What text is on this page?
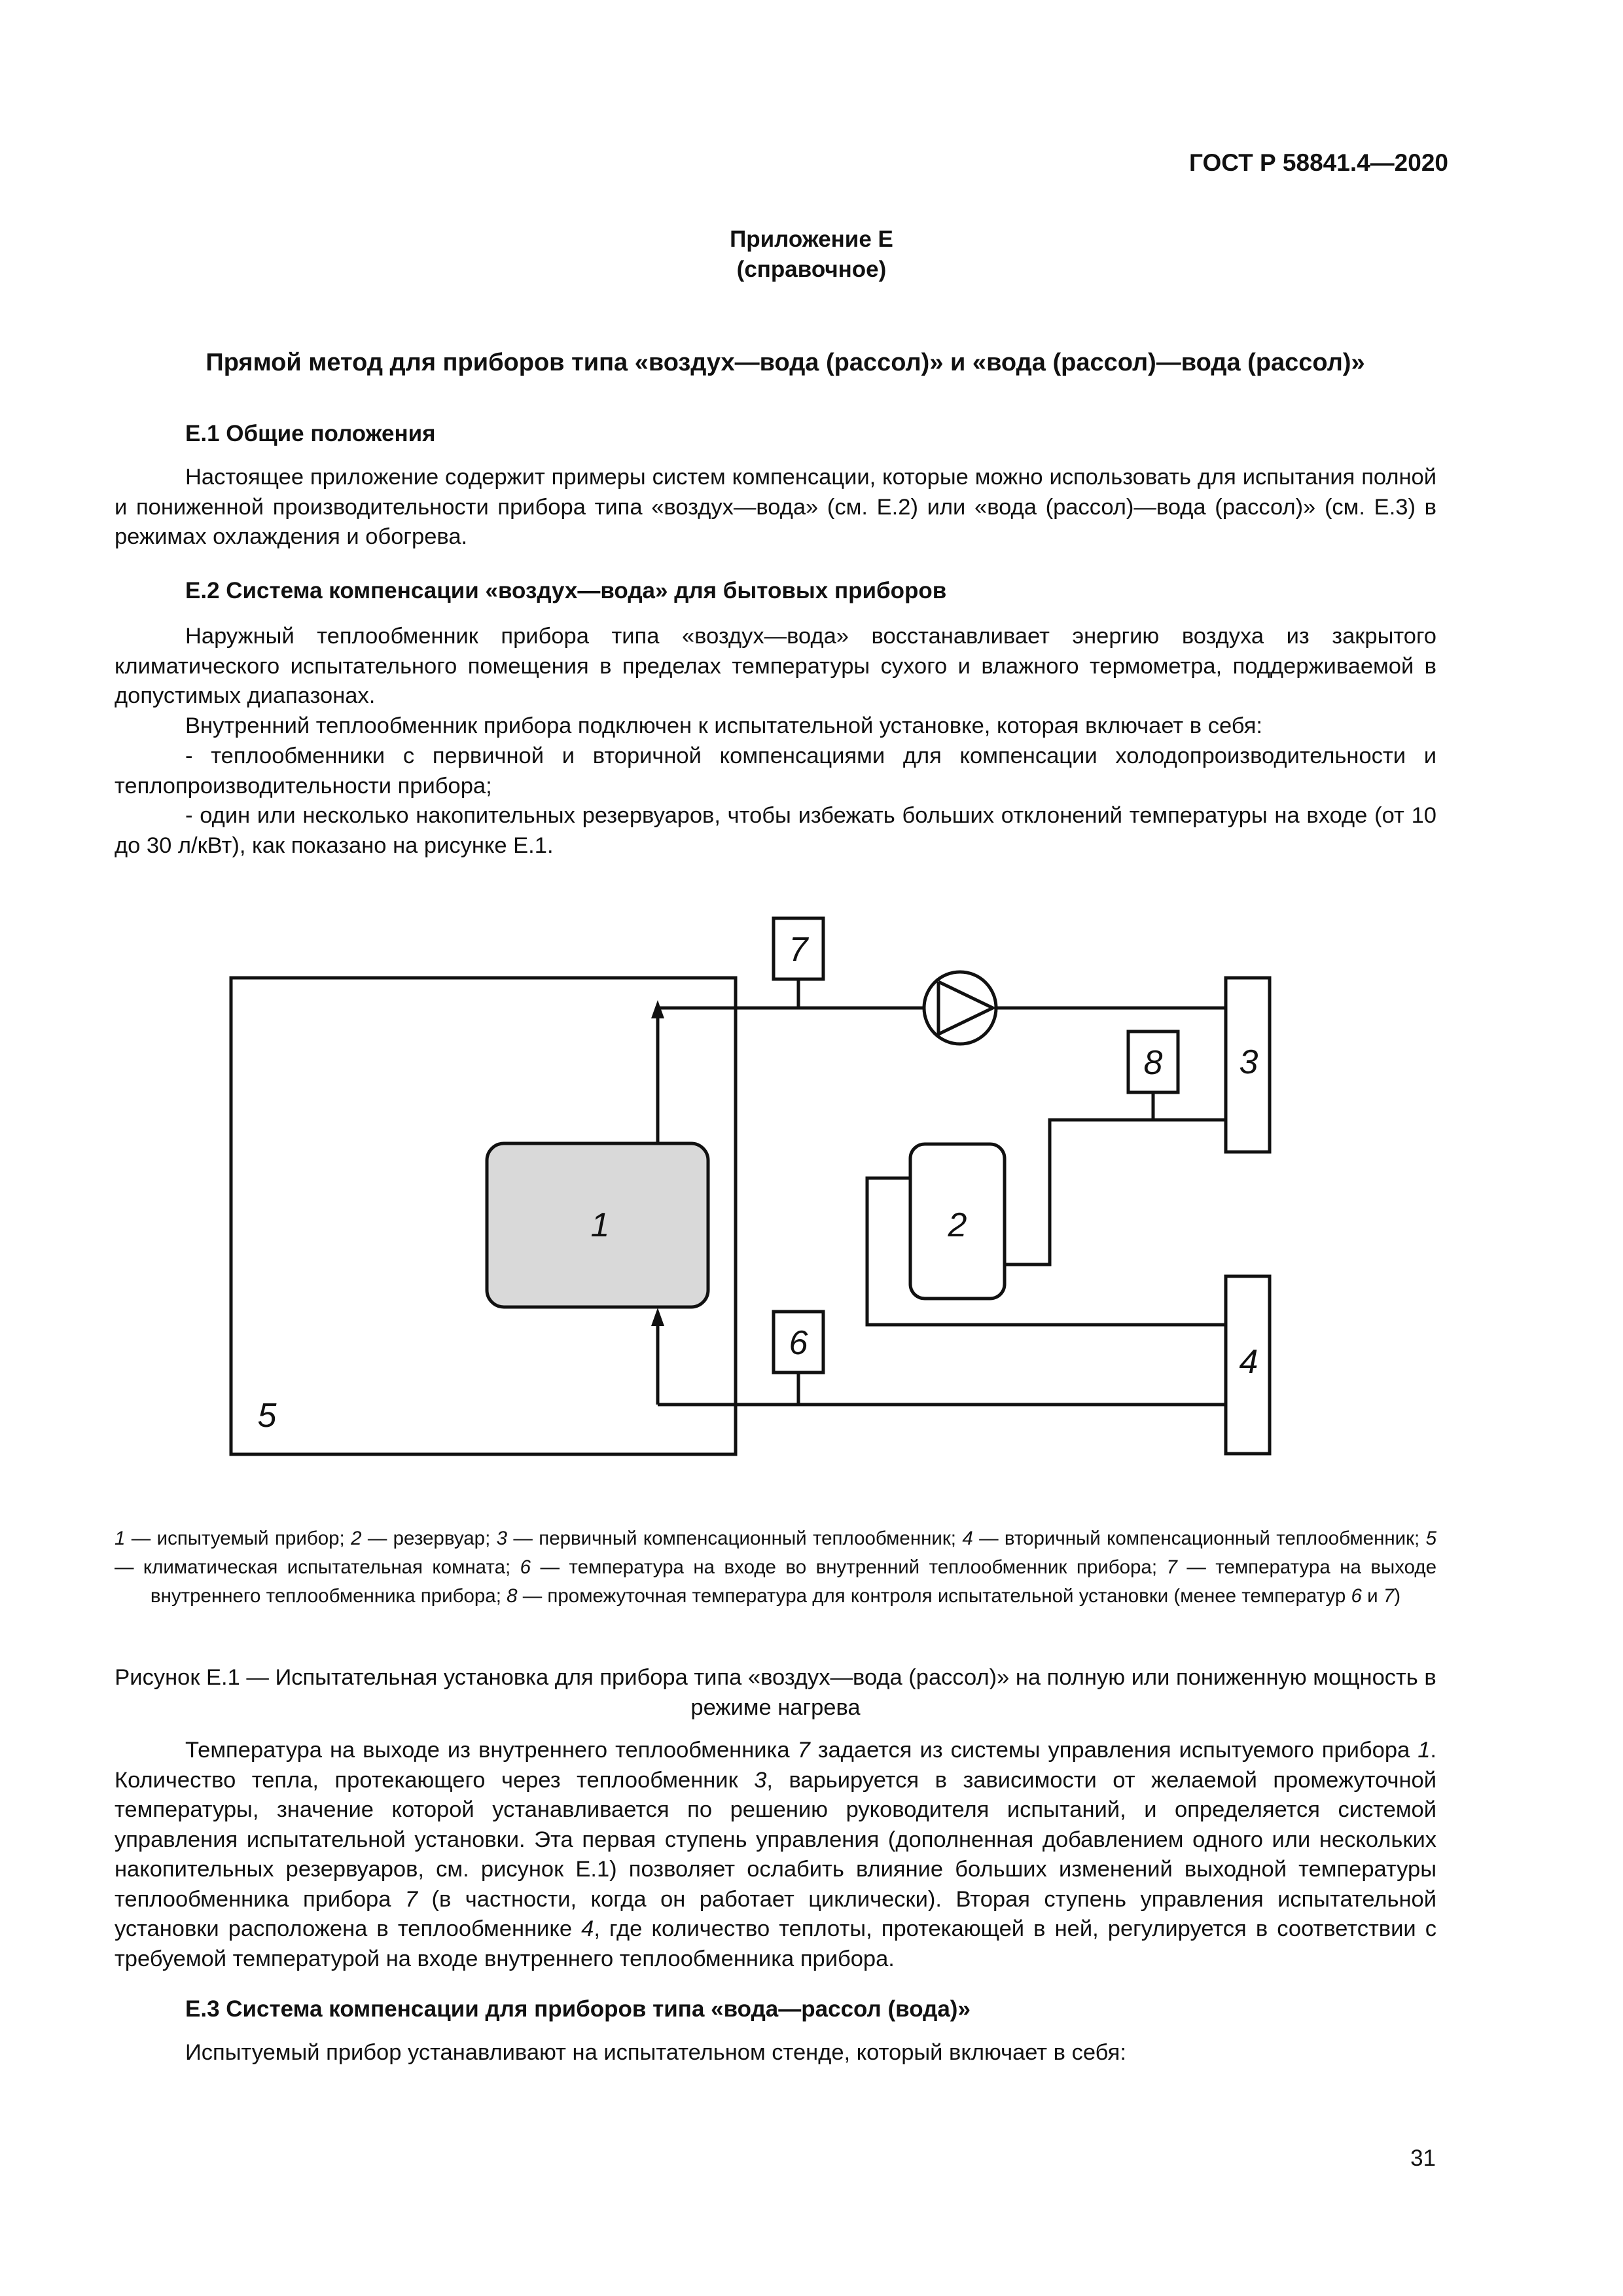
ГОСТ Р 58841.4—2020
Приложение Е
(справочное)
Прямой метод для приборов типа «воздух—вода (рассол)» и «вода (рассол)—вода (рассол)»
Е.1 Общие положения
Настоящее приложение содержит примеры систем компенсации, которые можно использовать для испытания полной и пониженной производительности прибора типа «воздух—вода» (см. Е.2) или «вода (рассол)—вода (рассол)» (см. Е.3) в режимах охлаждения и обогрева.
Е.2 Система компенсации «воздух—вода» для бытовых приборов
Наружный теплообменник прибора типа «воздух—вода» восстанавливает энергию воздуха из закрытого климатического испытательного помещения в пределах температуры сухого и влажного термометра, поддерживаемой в допустимых диапазонах.
Внутренний теплообменник прибора подключен к испытательной установке, которая включает в себя:
- теплообменники с первичной и вторичной компенсациями для компенсации холодопроизводительности и теплопроизводительности прибора;
- один или несколько накопительных резервуаров, чтобы избежать больших отклонений температуры на входе (от 10 до 30 л/кВт), как показано на рисунке Е.1.
1	2
3
4
5
6
7
8
1 — испытуемый прибор; 2 — резервуар; 3 — первичный компенсационный теплообменник; 4 — вторичный компенсационный теплообменник; 5 — климатическая испытательная комната; 6 — температура на входе во внутренний теплообменник прибора; 7 — температура на выходе внутреннего теплообменника прибора; 8 — промежуточная температура для контроля испытательной установки (менее температур 6 и 7)
Рисунок Е.1 — Испытательная установка для прибора типа «воздух—вода (рассол)» на полную или пониженную мощность в режиме нагрева
Температура на выходе из внутреннего теплообменника 7 задается из системы управления испытуемого прибора 1. Количество тепла, протекающего через теплообменник 3, варьируется в зависимости от желаемой промежуточной температуры, значение которой устанавливается по решению руководителя испытаний, и определяется системой управления испытательной установки. Эта первая ступень управления (дополненная добавлением одного или нескольких накопительных резервуаров, см. рисунок Е.1) позволяет ослабить влияние больших изменений выходной температуры теплообменника прибора 7 (в частности, когда он работает циклически). Вторая ступень управления испытательной установки расположена в теплообменнике 4, где количество теплоты, протекающей в ней, регулируется в соответствии с требуемой температурой на входе внутреннего теплообменника прибора.
Е.3 Система компенсации для приборов типа «вода—рассол (вода)»
Испытуемый прибор устанавливают на испытательном стенде, который включает в себя:
31
